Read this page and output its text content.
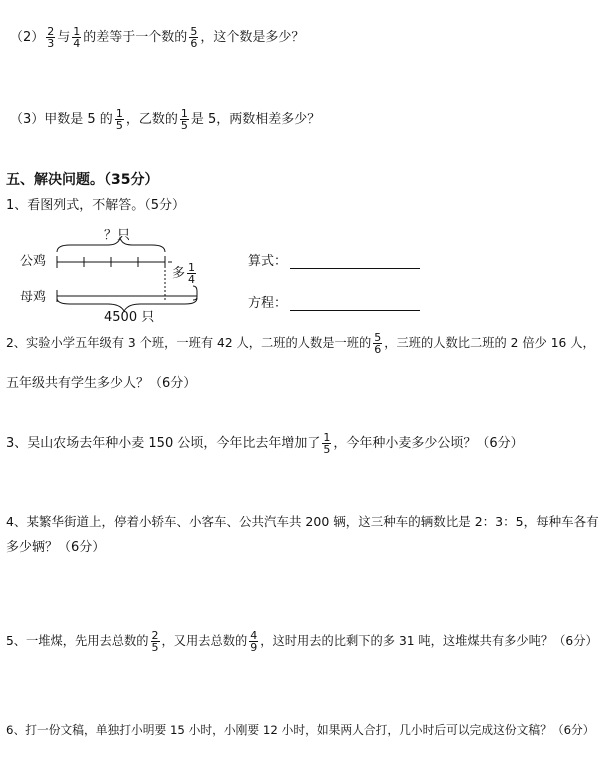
$(2) \frac{2}{3}$ 与 $\frac{1}{4}$ 的差等于一个数的 $\frac{5}{6}$ ，这个数是多少？
（3）甲数是 5 的 $\frac{1}{5}$ ，乙数的 $\frac{1}{5}$ 是 5，两数相差多少？
五、解决问题。（35分）
1、看图列式，不解答。（5分）
？只
公鸡
母鸡
多 $\frac{1}{4}$
4500 只
算式：
方程：
2、实验小学五年级有 3 个班，一班有 42 人，二班的人数是一班的 $\frac{5}{6}$ ，三班的人数比二班的 2 倍少 16 人，
五年级共有学生多少人？（6分）
3、吴山农场去年种小麦 150 公顷，今年比去年增加了 $\frac{1}{5}$ ，今年种小麦多少公顷？（6分）
4、某繁华街道上，停着小轿车、小客车、公共汽车共 200 辆，这三种车的辆数比是 2：3：5，每种车各有
多少辆？（6分）
5、一堆煤，先用去总数的 $\frac{2}{5}$ ，又用去总数的 $\frac{4}{9}$ ，这时用去的比剩下的多 31 吨，这堆煤共有多少吨？（6分）
6、打一份文稿，单独打小明要 15 小时，小刚要 12 小时，如果两人合打，几小时后可以完成这份文稿？（6分）
